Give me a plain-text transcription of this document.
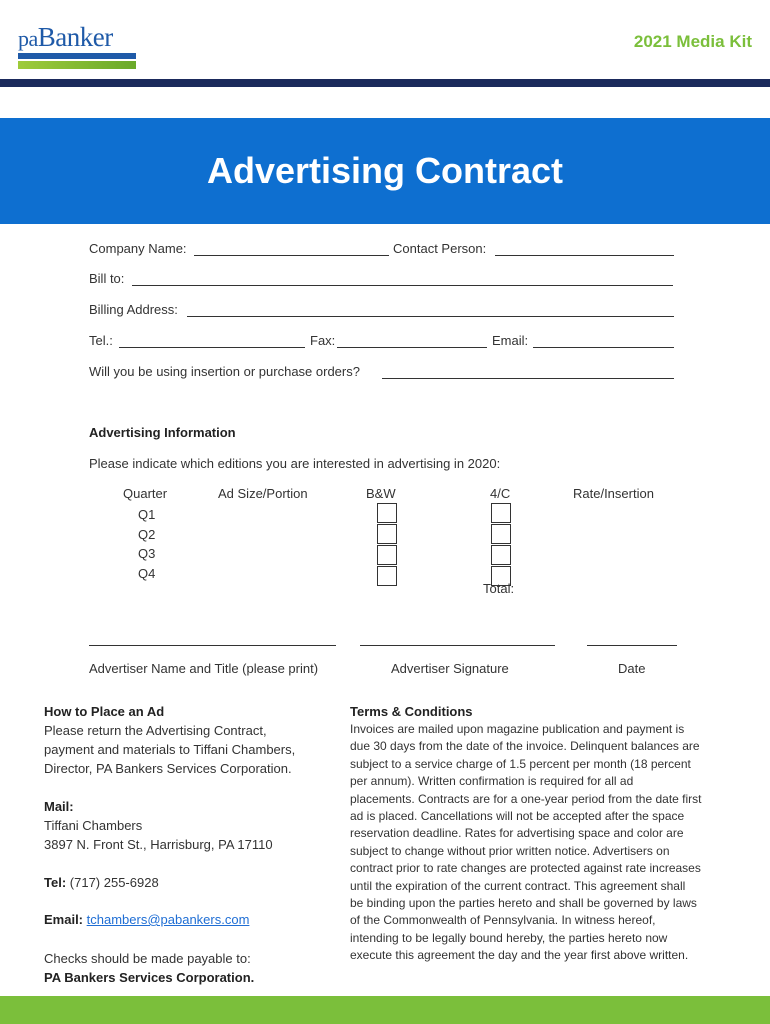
paBanker	2021 Media Kit
Advertising Contract
Company Name:	Contact Person:
Bill to:
Billing Address:
Tel.:	Fax:	Email:
Will you be using insertion or purchase orders?
Advertising Information
Please indicate which editions you are interested in advertising in 2020:
Quarter	Ad Size/Portion	B&W	4/C	Rate/Insertion
Q1
Q2
Q3
Q4
Total:
Advertiser Name and Title (please print)	Advertiser Signature	Date
How to Place an Ad
Please return the Advertising Contract,
payment and materials to Tiffani Chambers,
Director, PA Bankers Services Corporation.
Mail:
Tiffani Chambers
3897 N. Front St., Harrisburg, PA 17110
Tel: (717) 255-6928
Email: tchambers@pabankers.com
Checks should be made payable to:
PA Bankers Services Corporation.
Terms & Conditions
Invoices are mailed upon magazine publication and payment is
due 30 days from the date of the invoice. Delinquent balances are
subject to a service charge of 1.5 percent per month (18 percent
per annum). Written confirmation is required for all ad
placements. Contracts are for a one-year period from the date first
ad is placed. Cancellations will not be accepted after the space
reservation deadline. Rates for advertising space and color are
subject to change without prior written notice. Advertisers on
contract prior to rate changes are protected against rate increases
until the expiration of the current contract. This agreement shall
be binding upon the parties hereto and shall be governed by laws
of the Commonwealth of Pennsylvania. In witness hereof,
intending to be legally bound hereby, the parties hereto now
execute this agreement the day and the year first above written.
